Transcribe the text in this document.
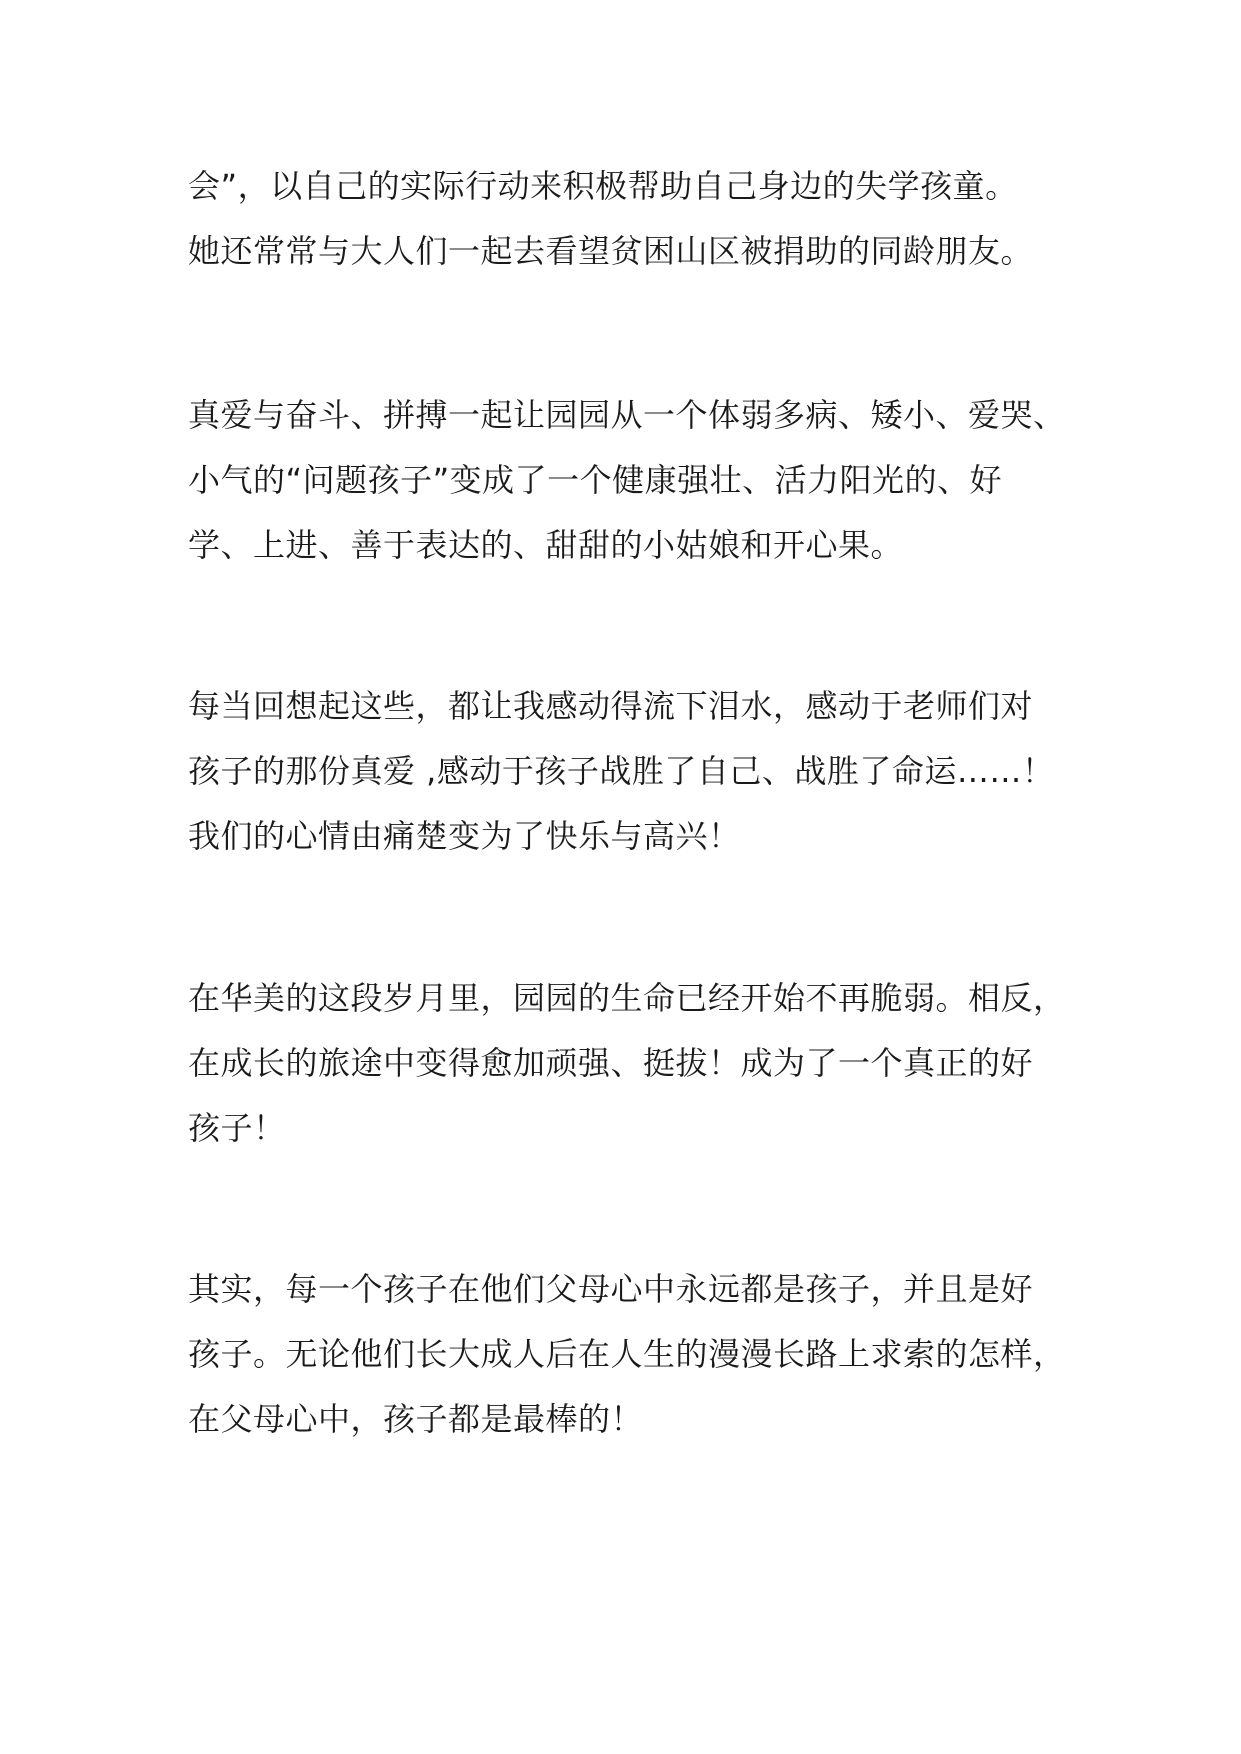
会”，以自己的实际行动来积极帮助自己身边的失学孩童。
她还常常与大人们一起去看望贫困山区被捐助的同龄朋友。

真爱与奋斗、拼搏一起让园园从一个体弱多病、矮小、爱哭、
小气的“问题孩子”变成了一个健康强壮、活力阳光的、好
学、上进、善于表达的、甜甜的小姑娘和开心果。

每当回想起这些，都让我感动得流下泪水，感动于老师们对
孩子的那份真爱 ,感动于孩子战胜了自己、战胜了命运……！
我们的心情由痛楚变为了快乐与高兴！

在华美的这段岁月里，园园的生命已经开始不再脆弱。相反，
在成长的旅途中变得愈加顽强、挺拔！成为了一个真正的好
孩子！

其实，每一个孩子在他们父母心中永远都是孩子，并且是好
孩子。无论他们长大成人后在人生的漫漫长路上求索的怎样，
在父母心中，孩子都是最棒的！
